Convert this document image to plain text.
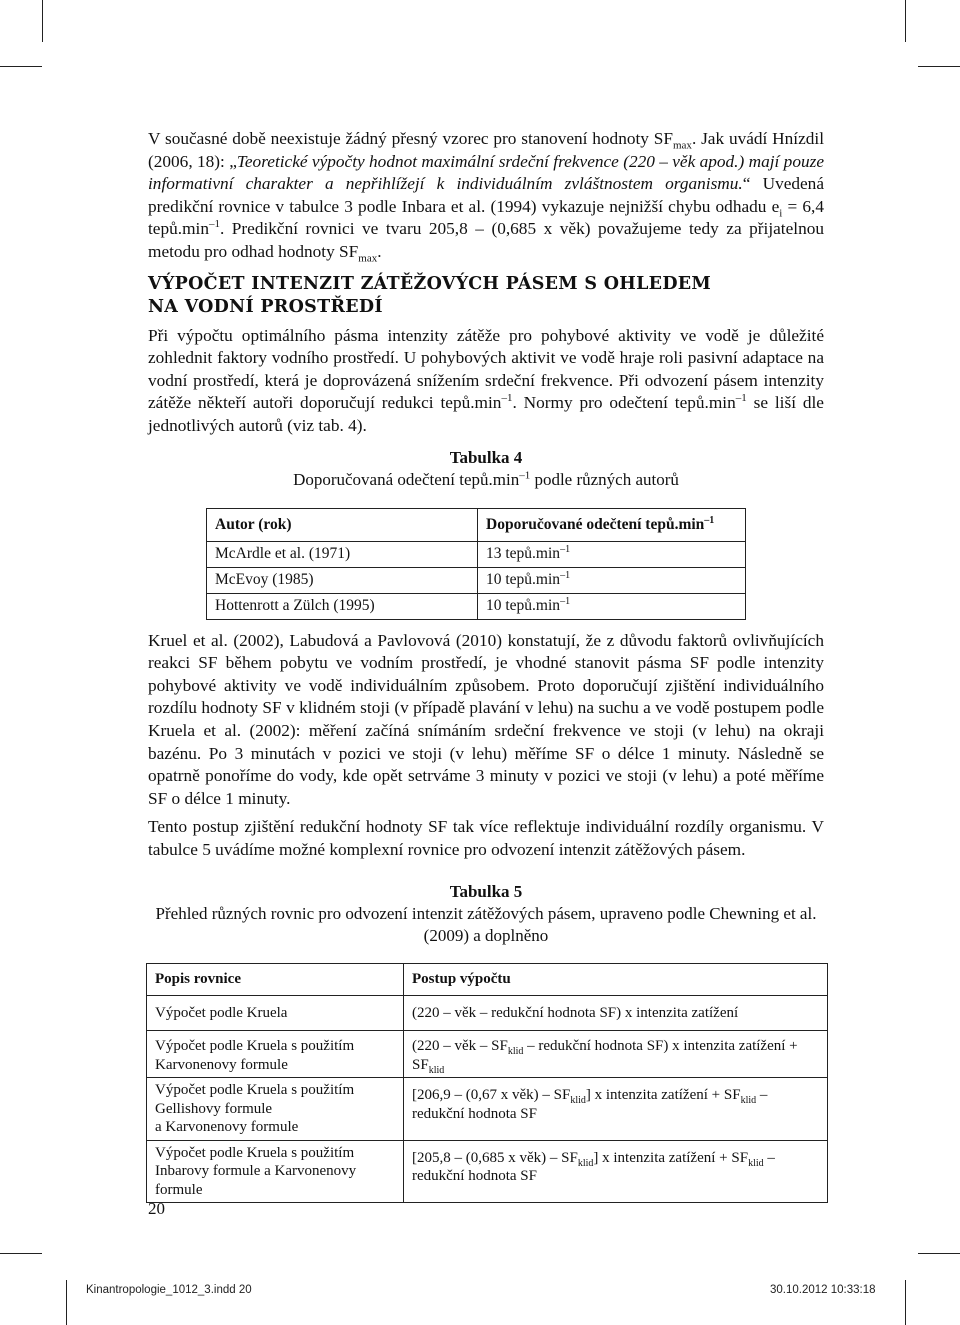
V současné době neexistuje žádný přesný vzorec pro stanovení hodnoty $SF_{max}$. Jak uvádí Hnízdil (2006, 18): „Teoretické výpočty hodnot maximální srdeční frekvence (220 – věk apod.) mají pouze informativní charakter a nepřihlížejí k individuálním zvláštnostem organismu.“ Uvedená predikční rovnice v tabulce 3 podle Inbara et al. (1994) vykazuje nejnižší chybu odhadu $e_i = 6,4$ $tepů.\min^{-1}$. Predikční rovnici ve tvaru 205,8 – (0,685 x věk) považujeme tedy za přijatelnou metodu pro odhad hodnoty $SF_{max}$.

VÝPOČET INTENZIT ZÁTĚŽOVÝCH PÁSEM S OHLEDEM
NA VODNÍ PROSTŘEDÍ

Při výpočtu optimálního pásma intenzity zátěže pro pohybové aktivity ve vodě je důležité zohlednit faktory vodního prostředí. U pohybových aktivit ve vodě hraje roli pasivní adaptace na vodní prostředí, která je doprovázená snížením srdeční frekvence. Při odvození pásem intenzity zátěže někteří autoři doporučují redukci $tepů.\min^{-1}$. Normy pro odečtení $tepů.\min^{-1}$ se liší dle jednotlivých autorů (viz tab. 4).

Tabulka 4

Doporučovaná odečtení $tepů.\min^{-1}$ podle různých autorů

Autor (rok)	Doporučované odečtení $tepů.\min^{-1}$
McArdle et al. (1971)	13 $tepů.\min^{-1}$
McEvoy (1985)	10 $tepů.\min^{-1}$
Hottenrott a Zülch (1995)	10 $tepů.\min^{-1}$

Kruel et al. (2002), Labudová a Pavlovová (2010) konstatují, že z důvodu faktorů ovlivňujících reakci SF během pobytu ve vodním prostředí, je vhodné stanovit pásma SF podle intenzity pohybové aktivity ve vodě individuálním způsobem. Proto doporučují zjištění individuálního rozdílu hodnoty SF v klidném stoji (v případě plavání v lehu) na suchu a ve vodě postupem podle Kruela et al. (2002): měření začíná snímáním srdeční frekvence ve stoji (v lehu) na okraji bazénu. Po 3 minutách v pozici ve stoji (v lehu) měříme SF o délce 1 minuty. Následně se opatrně ponoříme do vody, kde opět setrváme 3 minuty v pozici ve stoji (v lehu) a poté měříme SF o délce 1 minuty.

Tento postup zjištění redukční hodnoty SF tak více reflektuje individuální rozdíly organismu. V tabulce 5 uvádíme možné komplexní rovnice pro odvození intenzit zátěžových pásem.

Tabulka 5

Přehled různých rovnic pro odvození intenzit zátěžových pásem, upraveno podle Chewning et al. (2009) a doplněno

Popis rovnice	Postup výpočtu
Výpočet podle Kruela	(220 – věk – redukční hodnota SF) x intenzita zatížení
Výpočet podle Kruela s použitím Karvonenovy formule	(220 – věk – $SF_{klid}$ – redukční hodnota SF) x intenzita zatížení + $SF_{klid}$
Výpočet podle Kruela s použitím
Gellishovy formule
a Karvonenovy formule	[206,9 – (0,67 x věk) – $SF_{klid}$] x intenzita zatížení + $SF_{klid}$ – redukční hodnota SF
Výpočet podle Kruela s použitím Inbarovy formule a Karvonenovy formule	[205,8 – (0,685 x věk) – $SF_{klid}$] x intenzita zatížení + $SF_{klid}$ – redukční hodnota SF
20
Kinantropologie_1012_3.indd 20	30.10.2012 10:33:18
